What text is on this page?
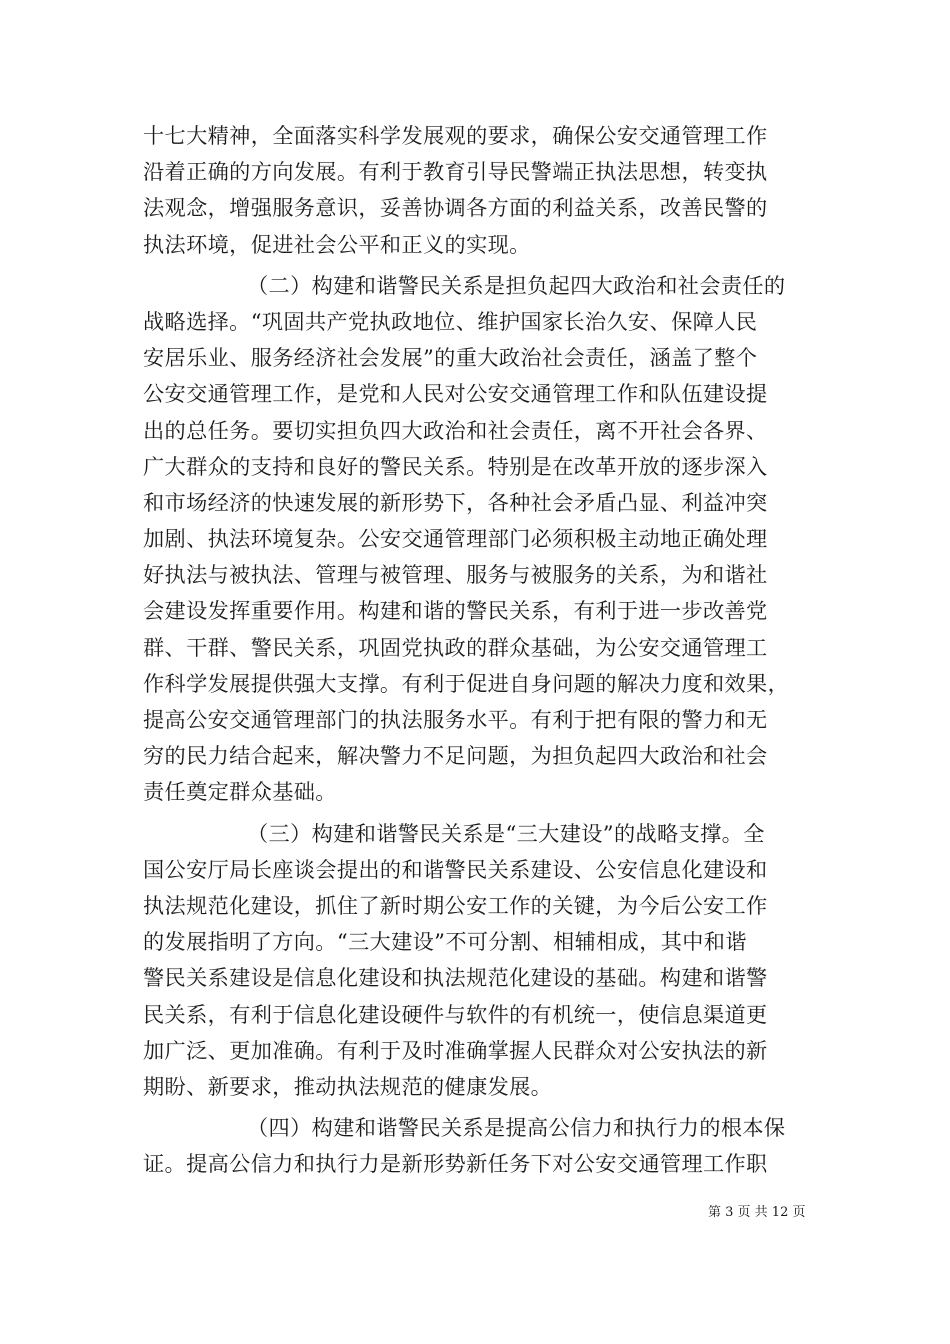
十七大精神，全面落实科学发展观的要求，确保公安交通管理工作
沿着正确的方向发展。有利于教育引导民警端正执法思想，转变执
法观念，增强服务意识，妥善协调各方面的利益关系，改善民警的
执法环境，促进社会公平和正义的实现。
（二）构建和谐警民关系是担负起四大政治和社会责任的
战略选择。“巩固共产党执政地位、维护国家长治久安、保障人民
安居乐业、服务经济社会发展”的重大政治社会责任，涵盖了整个
公安交通管理工作，是党和人民对公安交通管理工作和队伍建设提
出的总任务。要切实担负四大政治和社会责任，离不开社会各界、
广大群众的支持和良好的警民关系。特别是在改革开放的逐步深入
和市场经济的快速发展的新形势下，各种社会矛盾凸显、利益冲突
加剧、执法环境复杂。公安交通管理部门必须积极主动地正确处理
好执法与被执法、管理与被管理、服务与被服务的关系，为和谐社
会建设发挥重要作用。构建和谐的警民关系，有利于进一步改善党
群、干群、警民关系，巩固党执政的群众基础，为公安交通管理工
作科学发展提供强大支撑。有利于促进自身问题的解决力度和效果，
提高公安交通管理部门的执法服务水平。有利于把有限的警力和无
穷的民力结合起来，解决警力不足问题，为担负起四大政治和社会
责任奠定群众基础。
（三）构建和谐警民关系是“三大建设”的战略支撑。全
国公安厅局长座谈会提出的和谐警民关系建设、公安信息化建设和
执法规范化建设，抓住了新时期公安工作的关键，为今后公安工作
的发展指明了方向。“三大建设”不可分割、相辅相成，其中和谐
警民关系建设是信息化建设和执法规范化建设的基础。构建和谐警
民关系，有利于信息化建设硬件与软件的有机统一，使信息渠道更
加广泛、更加准确。有利于及时准确掌握人民群众对公安执法的新
期盼、新要求，推动执法规范的健康发展。
（四）构建和谐警民关系是提高公信力和执行力的根本保
证。提高公信力和执行力是新形势新任务下对公安交通管理工作职
第 3 页 共 12 页
